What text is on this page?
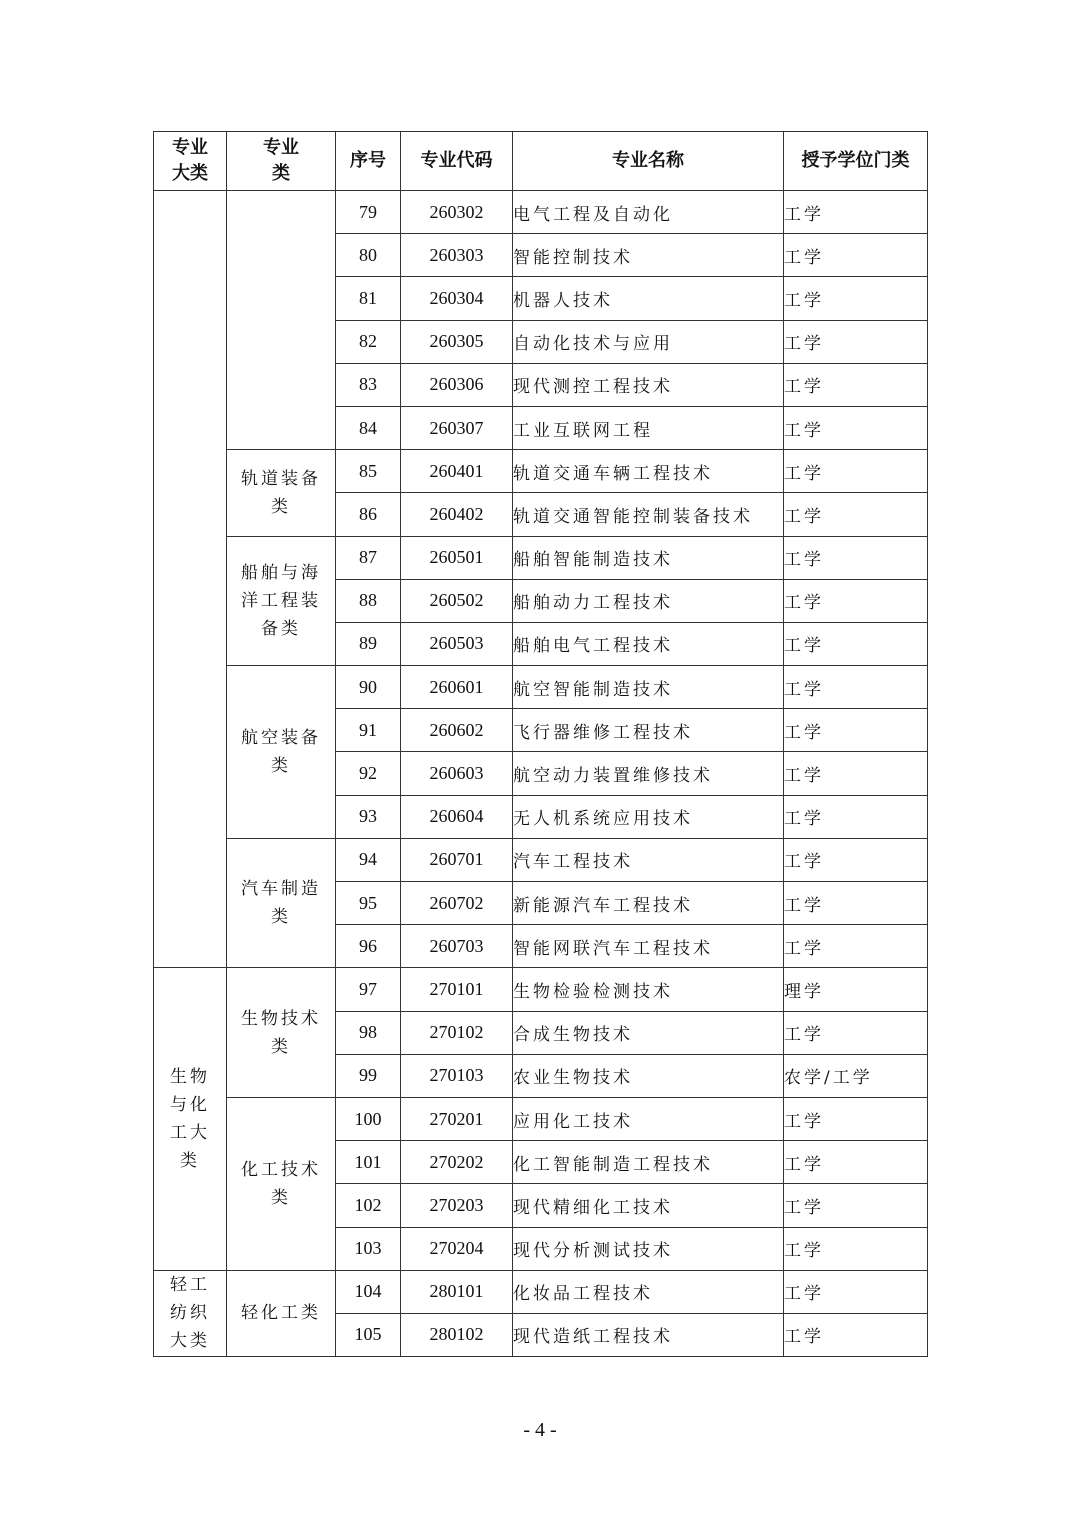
专业大类	专业类	序号	专业代码	专业名称	授予学位门类
		79	260302	电气工程及自动化	工学
		80	260303	智能控制技术	工学
		81	260304	机器人技术	工学
		82	260305	自动化技术与应用	工学
		83	260306	现代测控工程技术	工学
		84	260307	工业互联网工程	工学
	轨道装备类	85	260401	轨道交通车辆工程技术	工学
		86	260402	轨道交通智能控制装备技术	工学
	船舶与海洋工程装备类	87	260501	船舶智能制造技术	工学
		88	260502	船舶动力工程技术	工学
		89	260503	船舶电气工程技术	工学
	航空装备类	90	260601	航空智能制造技术	工学
		91	260602	飞行器维修工程技术	工学
		92	260603	航空动力装置维修技术	工学
		93	260604	无人机系统应用技术	工学
	汽车制造类	94	260701	汽车工程技术	工学
		95	260702	新能源汽车工程技术	工学
		96	260703	智能网联汽车工程技术	工学
生物与化工大类	生物技术类	97	270101	生物检验检测技术	理学
		98	270102	合成生物技术	工学
		99	270103	农业生物技术	农学/工学
	化工技术类	100	270201	应用化工技术	工学
		101	270202	化工智能制造工程技术	工学
		102	270203	现代精细化工技术	工学
		103	270204	现代分析测试技术	工学
轻工纺织大类	轻化工类	104	280101	化妆品工程技术	工学
		105	280102	现代造纸工程技术	工学
- 4 -
